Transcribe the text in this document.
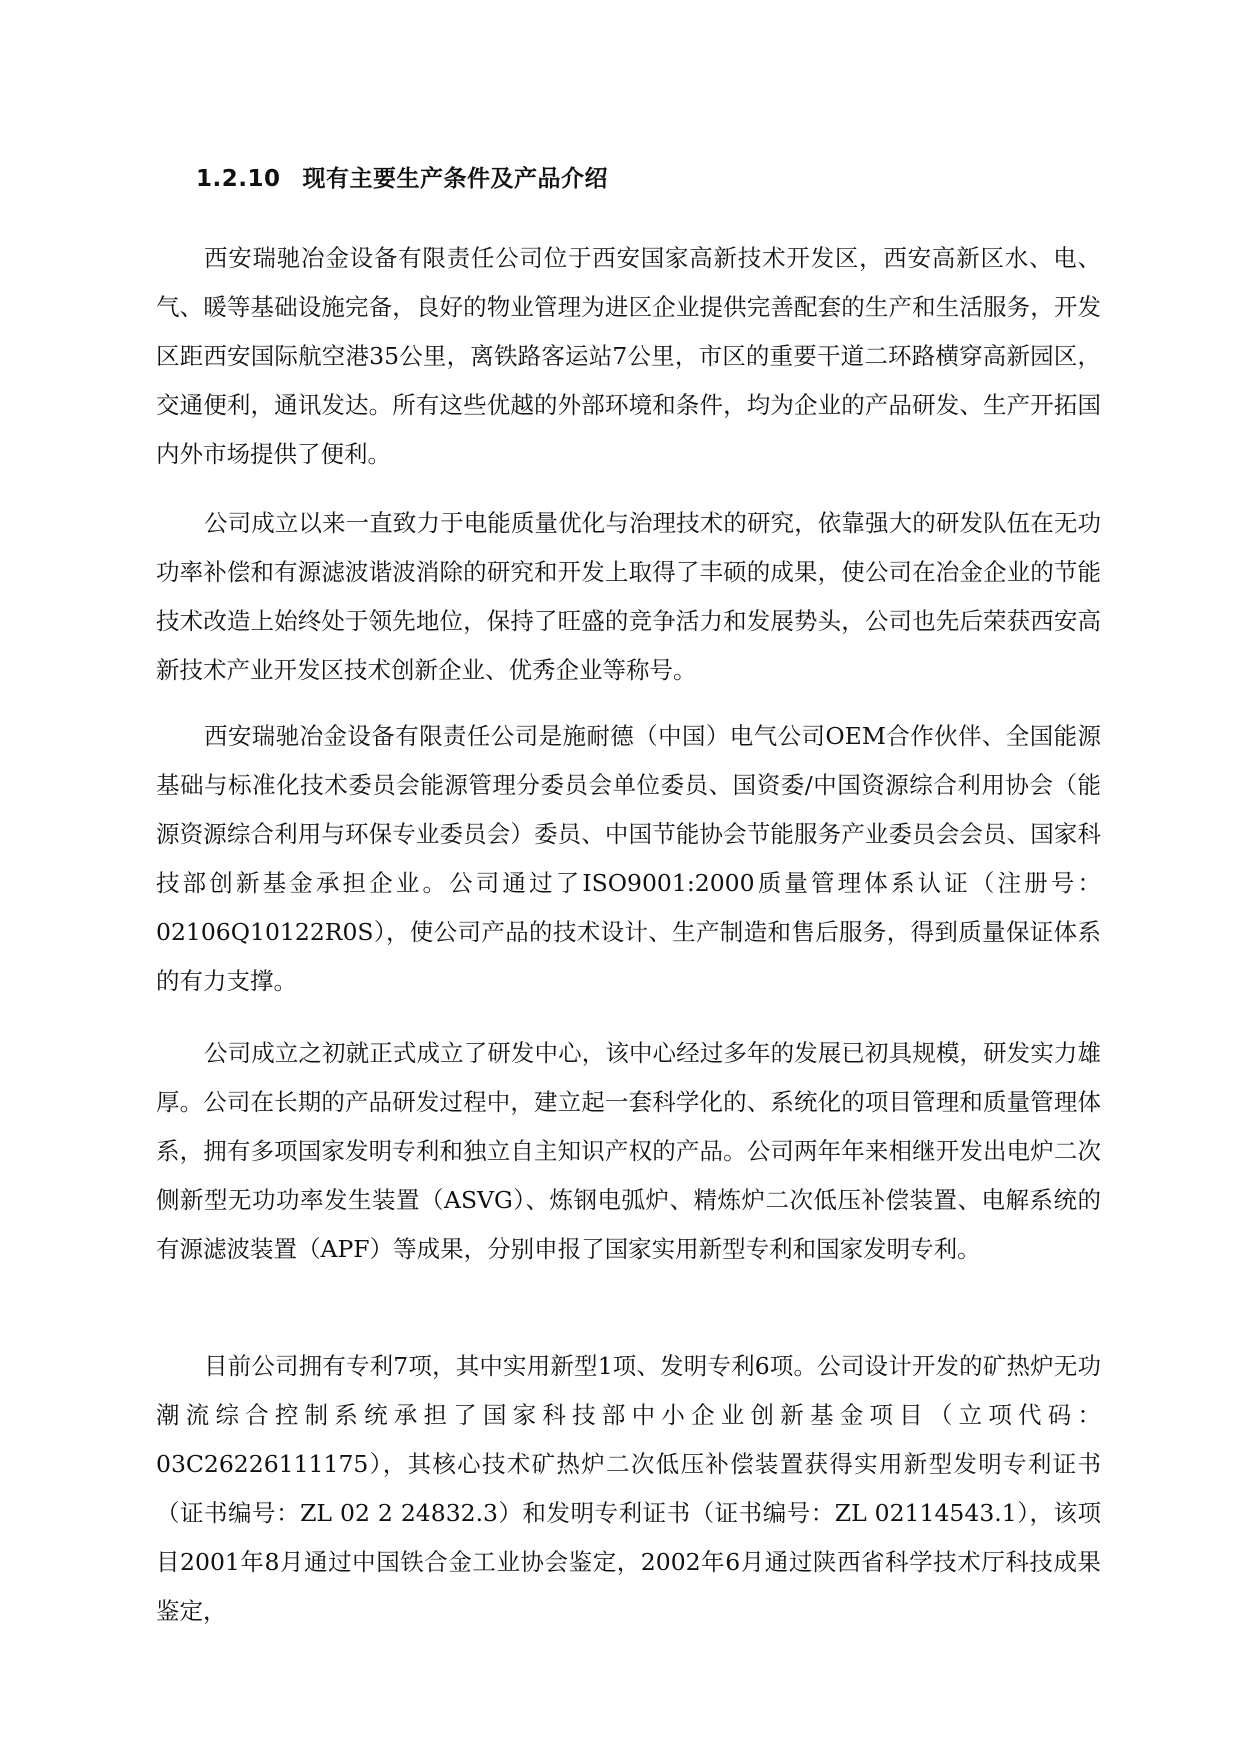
1.2.10 现有主要生产条件及产品介绍

西安瑞驰冶金设备有限责任公司位于西安国家高新技术开发区，西安高新区水、电、气、暖等基础设施完备，良好的物业管理为进区企业提供完善配套的生产和生活服务，开发区距西安国际航空港35公里，离铁路客运站7公里，市区的重要干道二环路横穿高新园区，交通便利，通讯发达。所有这些优越的外部环境和条件，均为企业的产品研发、生产开拓国内外市场提供了便利。

公司成立以来一直致力于电能质量优化与治理技术的研究，依靠强大的研发队伍在无功功率补偿和有源滤波谐波消除的研究和开发上取得了丰硕的成果，使公司在冶金企业的节能技术改造上始终处于领先地位，保持了旺盛的竞争活力和发展势头，公司也先后荣获西安高新技术产业开发区技术创新企业、优秀企业等称号。

西安瑞驰冶金设备有限责任公司是施耐德（中国）电气公司OEM合作伙伴、全国能源基础与标准化技术委员会能源管理分委员会单位委员、国资委/中国资源综合利用协会（能源资源综合利用与环保专业委员会）委员、中国节能协会节能服务产业委员会会员、国家科技部创新基金承担企业。公司通过了ISO9001:2000质量管理体系认证（注册号：02106Q10122R0S），使公司产品的技术设计、生产制造和售后服务，得到质量保证体系的有力支撑。

公司成立之初就正式成立了研发中心，该中心经过多年的发展已初具规模，研发实力雄厚。公司在长期的产品研发过程中，建立起一套科学化的、系统化的项目管理和质量管理体系，拥有多项国家发明专利和独立自主知识产权的产品。公司两年年来相继开发出电炉二次侧新型无功功率发生装置（ASVG）、炼钢电弧炉、精炼炉二次低压补偿装置、电解系统的有源滤波装置（APF）等成果，分别申报了国家实用新型专利和国家发明专利。

目前公司拥有专利7项，其中实用新型1项、发明专利6项。公司设计开发的矿热炉无功潮流综合控制系统承担了国家科技部中小企业创新基金项目（立项代码：03C26226111175），其核心技术矿热炉二次低压补偿装置获得实用新型发明专利证书（证书编号：ZL 02 2 24832.3）和发明专利证书（证书编号：ZL 02114543.1），该项目2001年8月通过中国铁合金工业协会鉴定，2002年6月通过陕西省科学技术厅科技成果鉴定，
